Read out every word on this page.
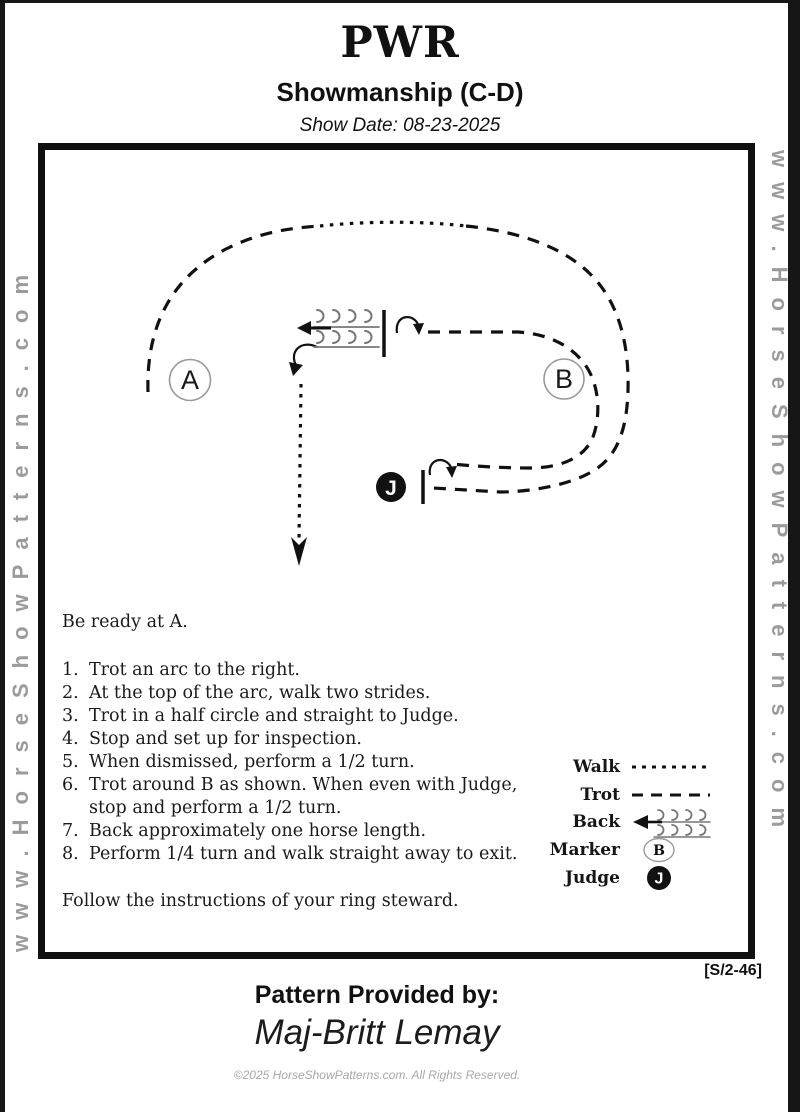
PWR
Showmanship (C-D)
Show Date: 08-23-2025
www.HorseShowPatterns.com	www.HorseShowPatterns.com
A	B
J

Be ready at A.

1. Trot an arc to the right.
2. At the top of the arc, walk two strides.
3. Trot in a half circle and straight to Judge.
4. Stop and set up for inspection.
5. When dismissed, perform a 1/2 turn.
6. Trot around B as shown. When even with Judge, stop and perform a 1/2 turn.
7. Back approximately one horse length.
8. Perform 1/4 turn and walk straight away to exit.

Follow the instructions of your ring steward.

Walk
Trot
Back
Marker B
Judge J
[S/2-46]
Pattern Provided by:
Maj-Britt Lemay
©2025 HorseShowPatterns.com. All Rights Reserved.
